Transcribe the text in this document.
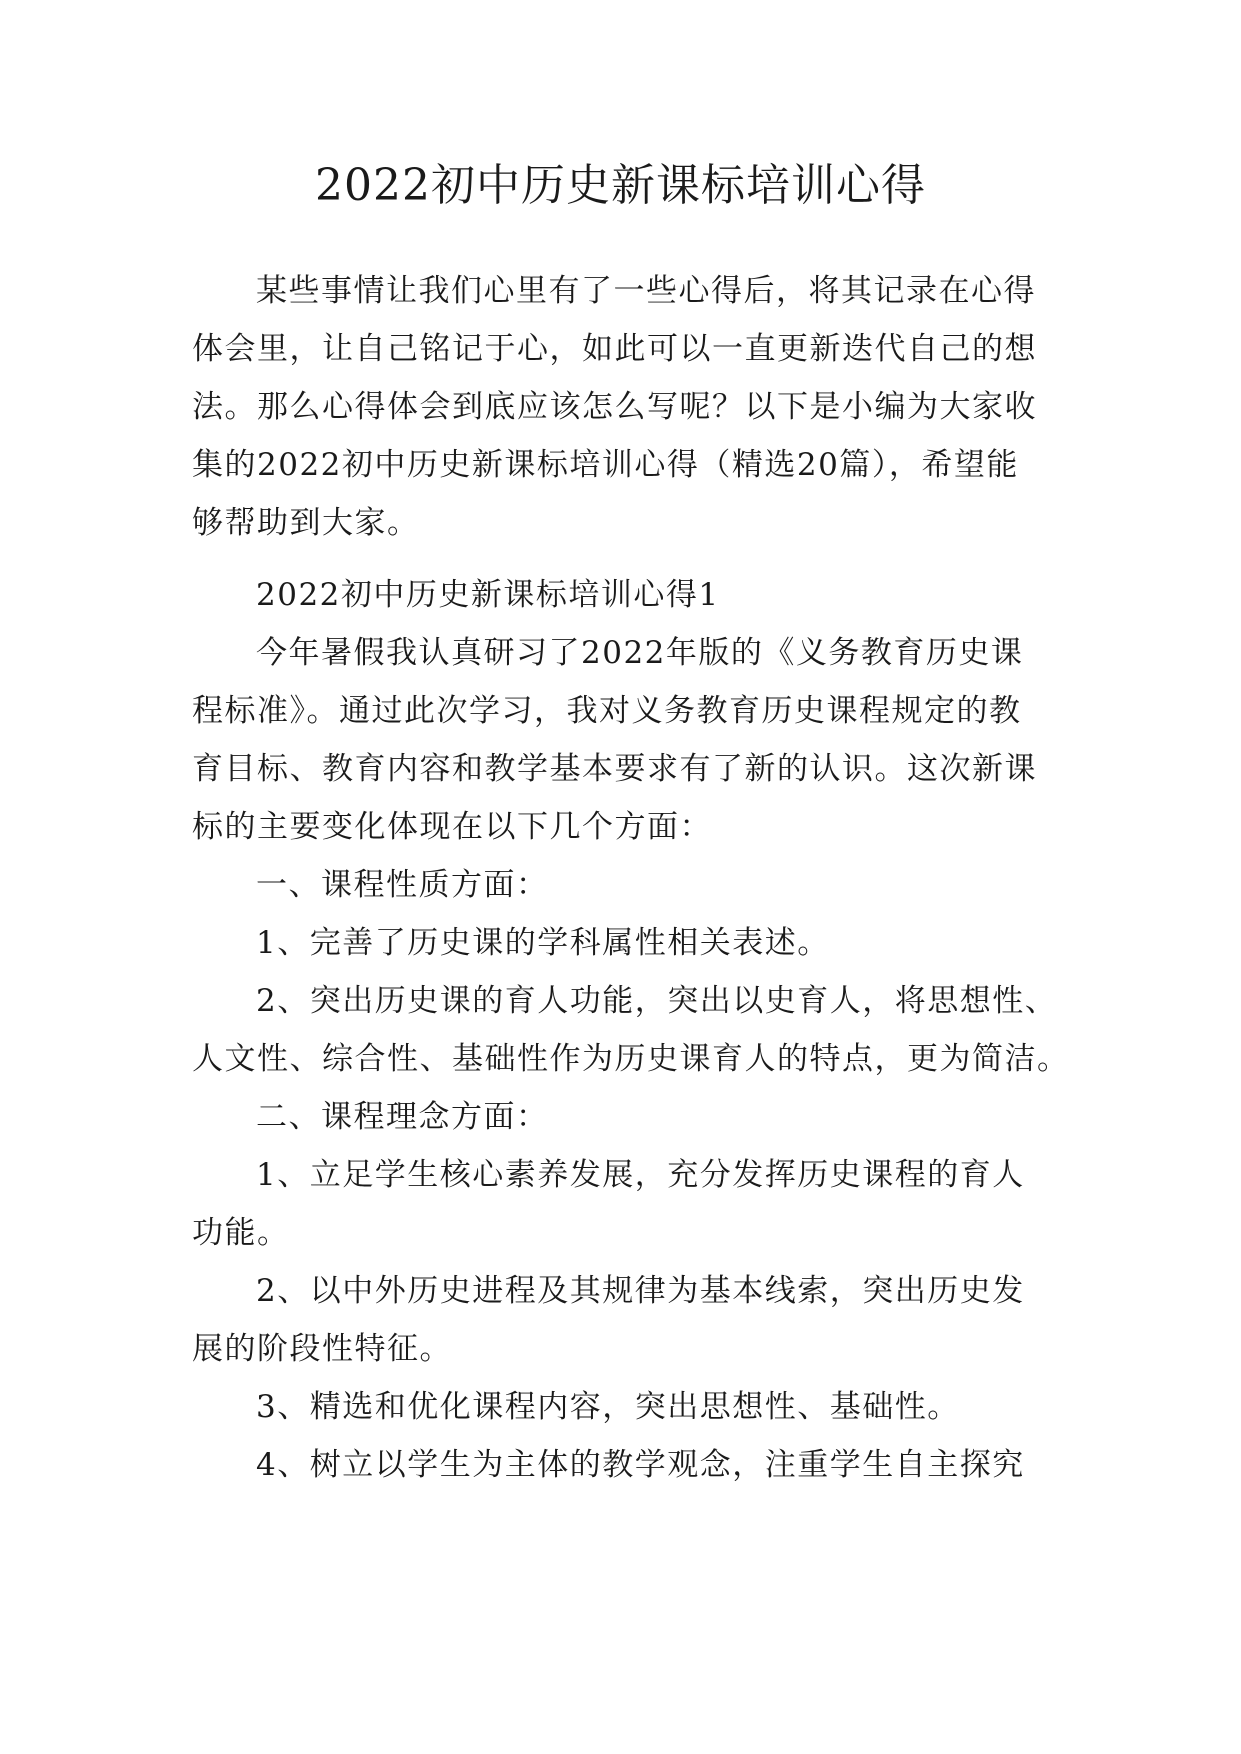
2022初中历史新课标培训心得
某些事情让我们心里有了一些心得后，将其记录在心得
体会里，让自己铭记于心，如此可以一直更新迭代自己的想
法。那么心得体会到底应该怎么写呢？以下是小编为大家收
集的2022初中历史新课标培训心得（精选20篇），希望能
够帮助到大家。
2022初中历史新课标培训心得1
今年暑假我认真研习了2022年版的《义务教育历史课
程标准》。通过此次学习，我对义务教育历史课程规定的教
育目标、教育内容和教学基本要求有了新的认识。这次新课
标的主要变化体现在以下几个方面：
一、课程性质方面：
1、完善了历史课的学科属性相关表述。
2、突出历史课的育人功能，突出以史育人，将思想性、
人文性、综合性、基础性作为历史课育人的特点，更为简洁。
二、课程理念方面：
1、立足学生核心素养发展，充分发挥历史课程的育人
功能。
2、以中外历史进程及其规律为基本线索，突出历史发
展的阶段性特征。
3、精选和优化课程内容，突出思想性、基础性。
4、树立以学生为主体的教学观念，注重学生自主探究
